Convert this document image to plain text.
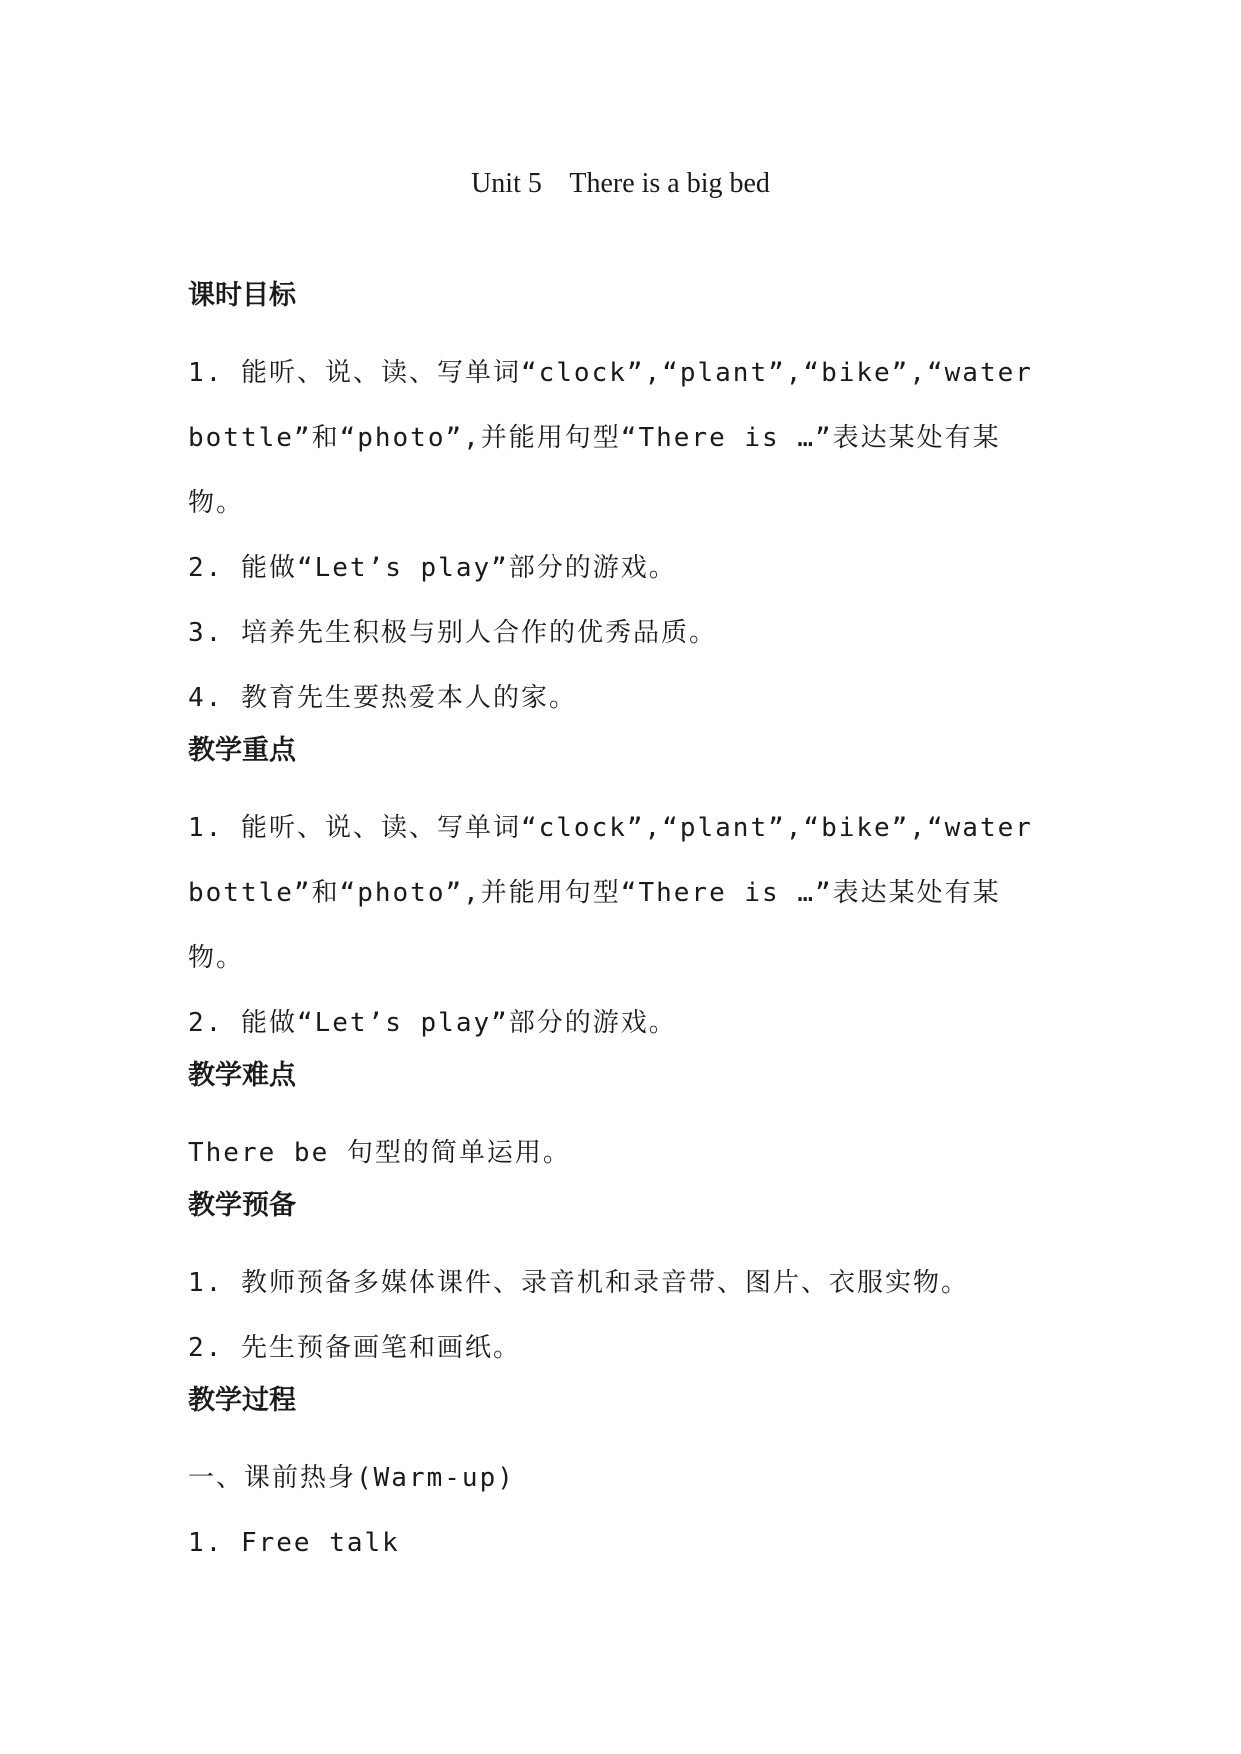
Unit 5    There is a big bed
课时目标
1. 能听、说、读、写单词“clock”,“plant”,“bike”,“water
bottle”和“photo”,并能用句型“There is …”表达某处有某
物。
2. 能做“Let’s play”部分的游戏。
3. 培养先生积极与别人合作的优秀品质。
4. 教育先生要热爱本人的家。
教学重点
1. 能听、说、读、写单词“clock”,“plant”,“bike”,“water
bottle”和“photo”,并能用句型“There is …”表达某处有某
物。
2. 能做“Let’s play”部分的游戏。
教学难点
There be 句型的简单运用。
教学预备
1. 教师预备多媒体课件、录音机和录音带、图片、衣服实物。
2. 先生预备画笔和画纸。
教学过程
一、课前热身(Warm-up)
1. Free talk
